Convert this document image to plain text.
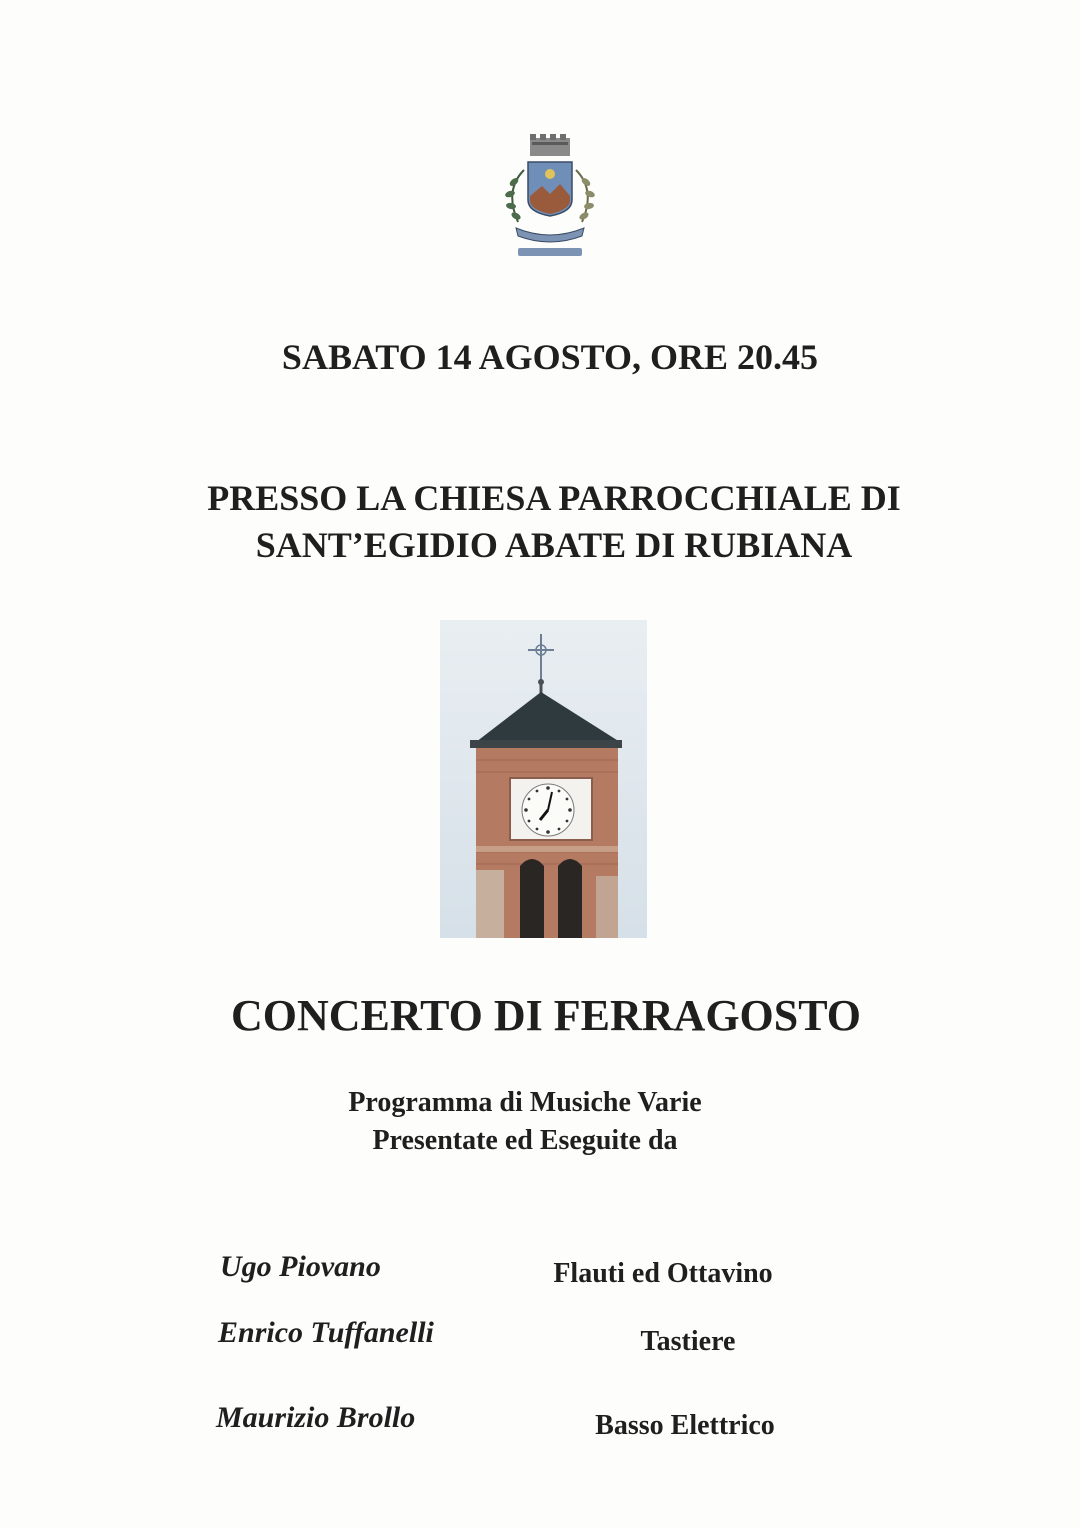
SABATO 14 AGOSTO, ORE 20.45
PRESSO LA CHIESA PARROCCHIALE DI
SANT’EGIDIO ABATE DI RUBIANA
CONCERTO DI FERRAGOSTO
Programma di Musiche Varie
Presentate ed Eseguite da
Ugo Piovano	Flauti ed Ottavino
Enrico Tuffanelli	Tastiere
Maurizio Brollo	Basso Elettrico
